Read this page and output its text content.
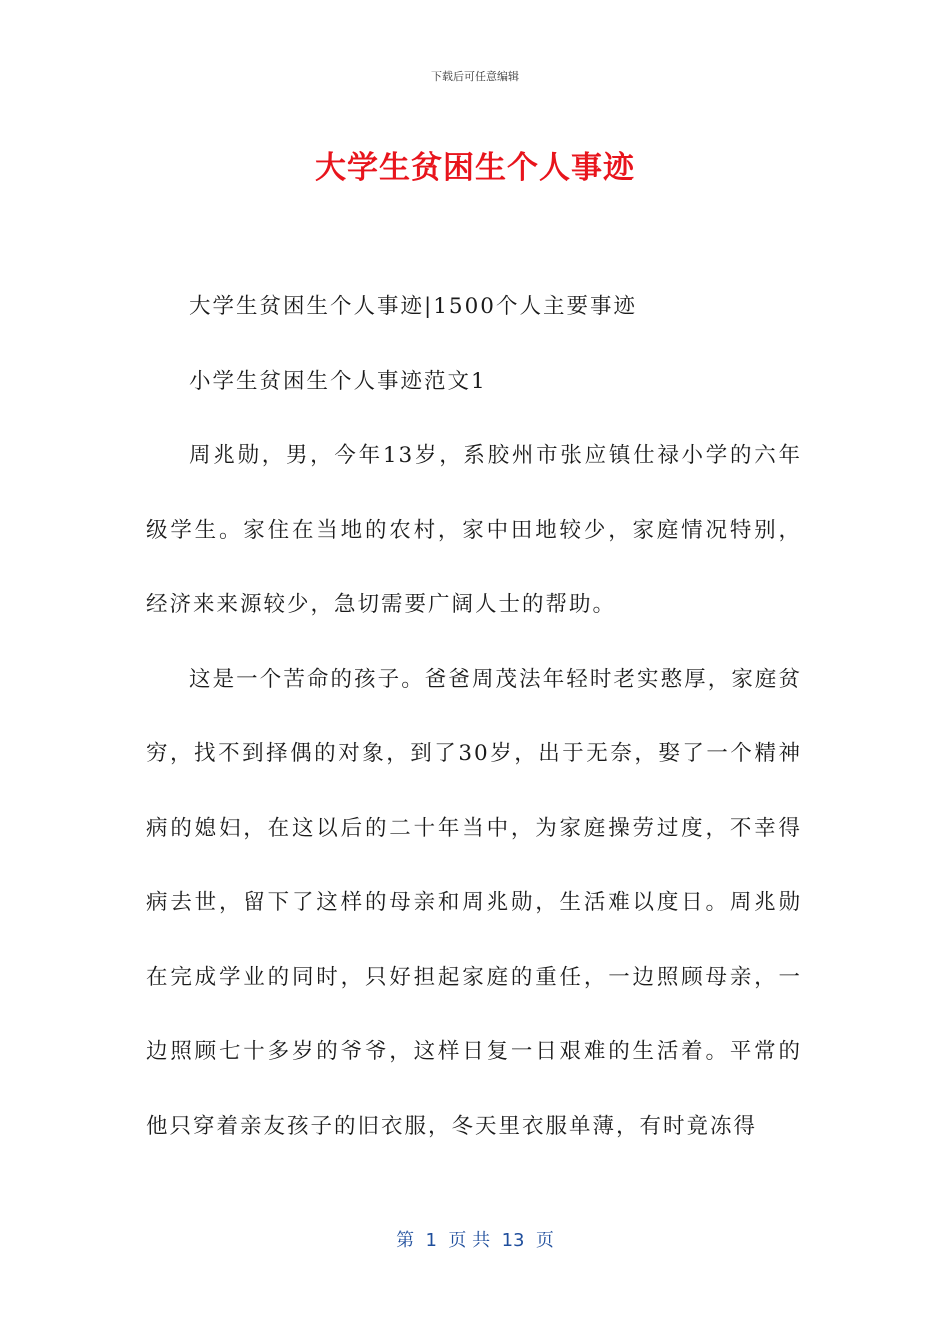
下载后可任意编辑
大学生贫困生个人事迹

大学生贫困生个人事迹|1500个人主要事迹

小学生贫困生个人事迹范文1

周兆勋，男，今年13岁，系胶州市张应镇仕禄小学的六年级学生。家住在当地的农村，家中田地较少，家庭情况特别，经济来来源较少，急切需要广阔人士的帮助。

这是一个苦命的孩子。爸爸周茂法年轻时老实憨厚，家庭贫穷，找不到择偶的对象，到了30岁，出于无奈，娶了一个精神病的媳妇，在这以后的二十年当中，为家庭操劳过度，不幸得病去世，留下了这样的母亲和周兆勋，生活难以度日。周兆勋在完成学业的同时，只好担起家庭的重任，一边照顾母亲，一边照顾七十多岁的爷爷，这样日复一日艰难的生活着。平常的他只穿着亲友孩子的旧衣服，冬天里衣服单薄，有时竟冻得

第  1  页 共  13  页
